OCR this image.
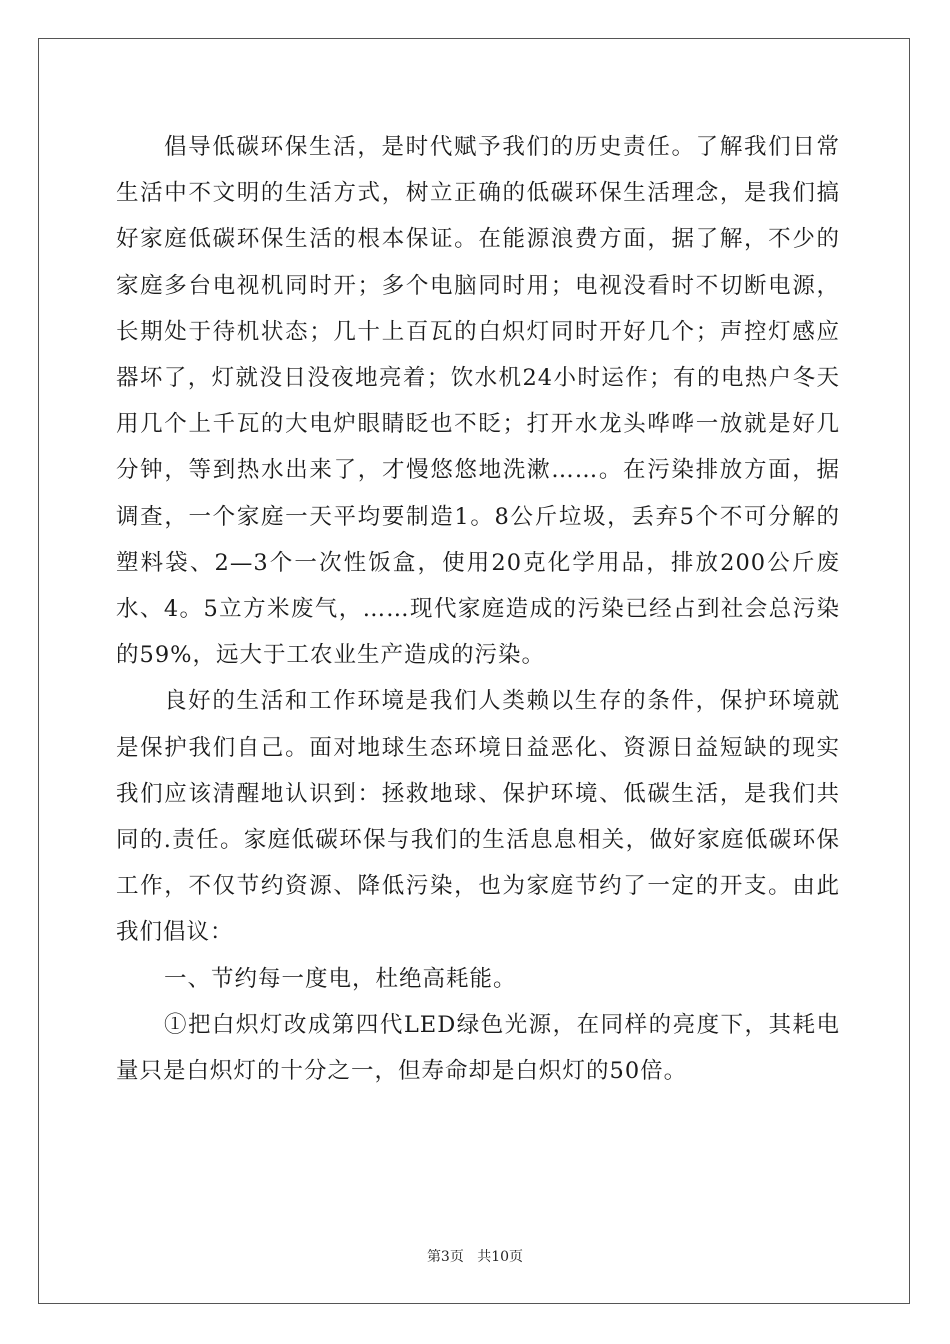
倡导低碳环保生活，是时代赋予我们的历史责任。了解我们日常生活中不文明的生活方式，树立正确的低碳环保生活理念，是我们搞好家庭低碳环保生活的根本保证。在能源浪费方面，据了解，不少的家庭多台电视机同时开；多个电脑同时用；电视没看时不切断电源，长期处于待机状态；几十上百瓦的白炽灯同时开好几个；声控灯感应器坏了，灯就没日没夜地亮着；饮水机24小时运作；有的电热户冬天用几个上千瓦的大电炉眼睛眨也不眨；打开水龙头哗哗一放就是好几分钟，等到热水出来了，才慢悠悠地洗漱……。在污染排放方面，据调查，一个家庭一天平均要制造1。8公斤垃圾，丢弃5个不可分解的塑料袋、2—3个一次性饭盒，使用20克化学用品，排放200公斤废水、4。5立方米废气，……现代家庭造成的污染已经占到社会总污染的59%，远大于工农业生产造成的污染。

良好的生活和工作环境是我们人类赖以生存的条件，保护环境就是保护我们自己。面对地球生态环境日益恶化、资源日益短缺的现实我们应该清醒地认识到：拯救地球、保护环境、低碳生活，是我们共同的.责任。家庭低碳环保与我们的生活息息相关，做好家庭低碳环保工作，不仅节约资源、降低污染，也为家庭节约了一定的开支。由此我们倡议：

一、节约每一度电，杜绝高耗能。

①把白炽灯改成第四代LED绿色光源，在同样的亮度下，其耗电量只是白炽灯的十分之一，但寿命却是白炽灯的50倍。

第3页 共10页
